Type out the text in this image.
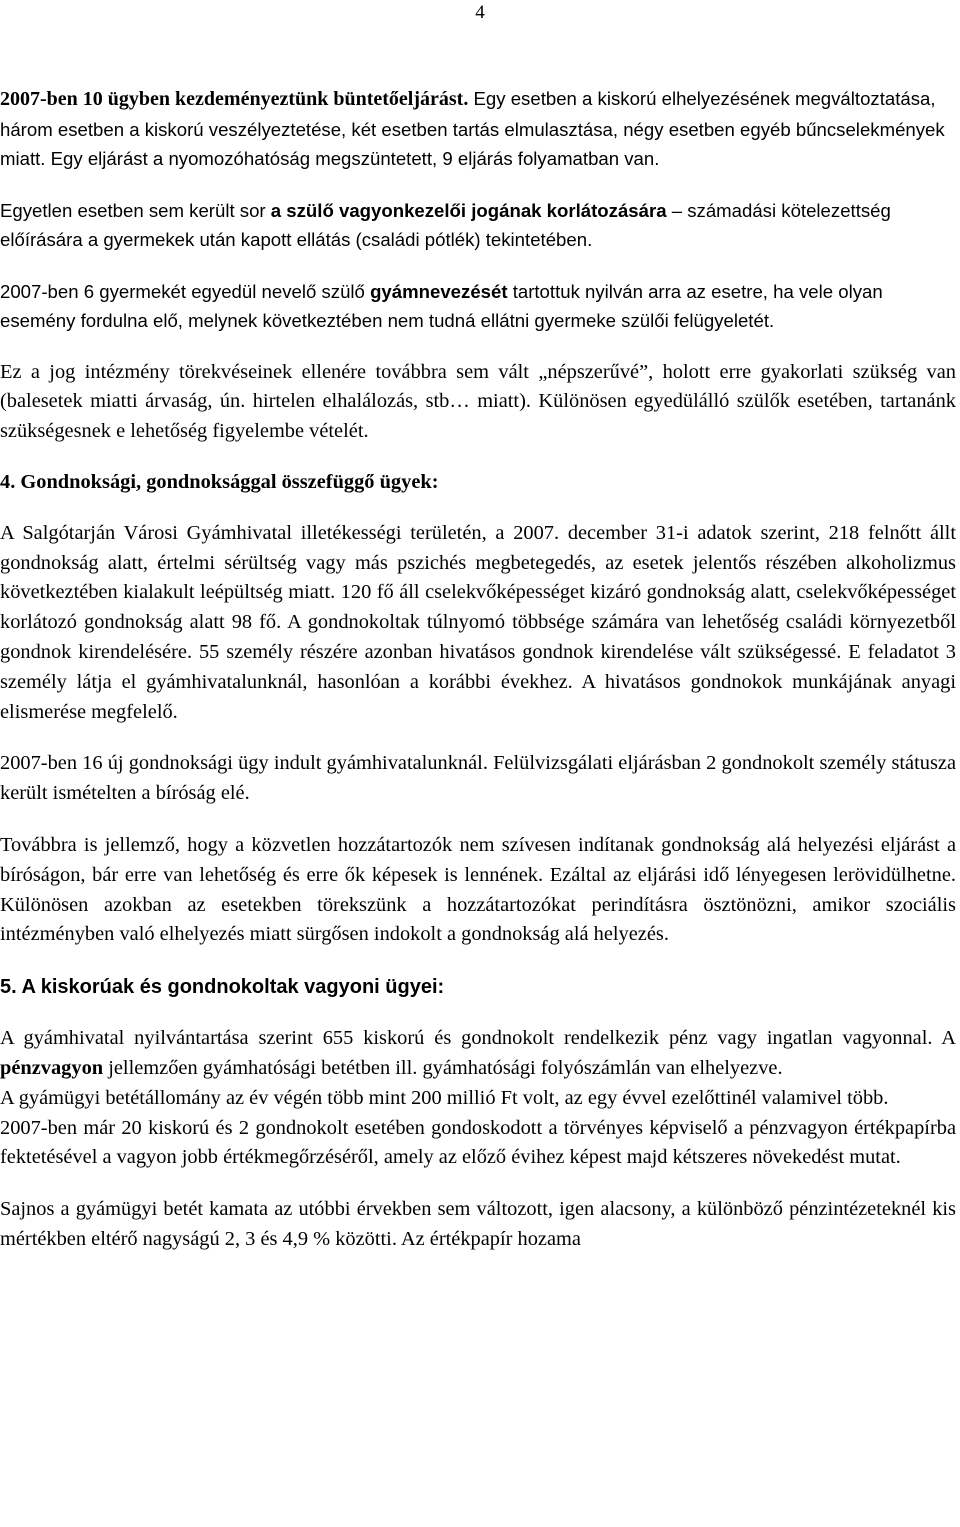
4

2007-ben 10 ügyben kezdeményeztünk büntetőeljárást. Egy esetben a kiskorú elhelyezésének megváltoztatása, három esetben a kiskorú veszélyeztetése, két esetben tartás elmulasztása, négy esetben egyéb bűncselekmények miatt. Egy eljárást a nyomozóhatóság megszüntetett, 9 eljárás folyamatban van.

Egyetlen esetben sem került sor a szülő vagyonkezelői jogának korlátozására – számadási kötelezettség előírására a gyermekek után kapott ellátás (családi pótlék) tekintetében.

2007-ben 6 gyermekét egyedül nevelő szülő gyámnevezését tartottuk nyilván arra az esetre, ha vele olyan esemény fordulna elő, melynek következtében nem tudná ellátni gyermeke szülői felügyeletét.

Ez a jog intézmény törekvéseinek ellenére továbbra sem vált „népszerűvé”, holott erre gyakorlati szükség van (balesetek miatti árvaság, ún. hirtelen elhalálozás, stb… miatt). Különösen egyedülálló szülők esetében, tartanánk szükségesnek e lehetőség figyelembe vételét.

4. Gondnoksági, gondnoksággal összefüggő ügyek:

A Salgótarján Városi Gyámhivatal illetékességi területén, a 2007. december 31-i adatok szerint, 218 felnőtt állt gondnokság alatt, értelmi sérültség vagy más pszichés megbetegedés, az esetek jelentős részében alkoholizmus következtében kialakult leépültség miatt. 120 fő áll cselekvőképességet kizáró gondnokság alatt, cselekvőképességet korlátozó gondnokság alatt 98 fő. A gondnokoltak túlnyomó többsége számára van lehetőség családi környezetből gondnok kirendelésére. 55 személy részére azonban hivatásos gondnok kirendelése vált szükségessé. E feladatot 3 személy látja el gyámhivatalunknál, hasonlóan a korábbi évekhez. A hivatásos gondnokok munkájának anyagi elismerése megfelelő.

2007-ben 16 új gondnoksági ügy indult gyámhivatalunknál. Felülvizsgálati eljárásban 2 gondnokolt személy státusza került ismételten a bíróság elé.

Továbbra is jellemző, hogy a közvetlen hozzátartozók nem szívesen indítanak gondnokság alá helyezési eljárást a bíróságon, bár erre van lehetőség és erre ők képesek is lennének. Ezáltal az eljárási idő lényegesen lerövidülhetne. Különösen azokban az esetekben törekszünk a hozzátartozókat perindításra ösztönözni, amikor szociális intézményben való elhelyezés miatt sürgősen indokolt a gondnokság alá helyezés.

5. A kiskorúak és gondnokoltak vagyoni ügyei:

A gyámhivatal nyilvántartása szerint 655 kiskorú és gondnokolt rendelkezik pénz vagy ingatlan vagyonnal. A pénzvagyon jellemzően gyámhatósági betétben ill. gyámhatósági folyószámlán van elhelyezve.

A gyámügyi betétállomány az év végén több mint 200 millió Ft volt, az egy évvel ezelőttinél valamivel több.

2007-ben már 20 kiskorú és 2 gondnokolt esetében gondoskodott a törvényes képviselő a pénzvagyon értékpapírba fektetésével a vagyon jobb értékmegőrzéséről, amely az előző évihez képest majd kétszeres növekedést mutat.

Sajnos a gyámügyi betét kamata az utóbbi érvekben sem változott, igen alacsony, a különböző pénzintézeteknél kis mértékben eltérő nagyságú 2, 3 és 4,9 % közötti. Az értékpapír hozama
